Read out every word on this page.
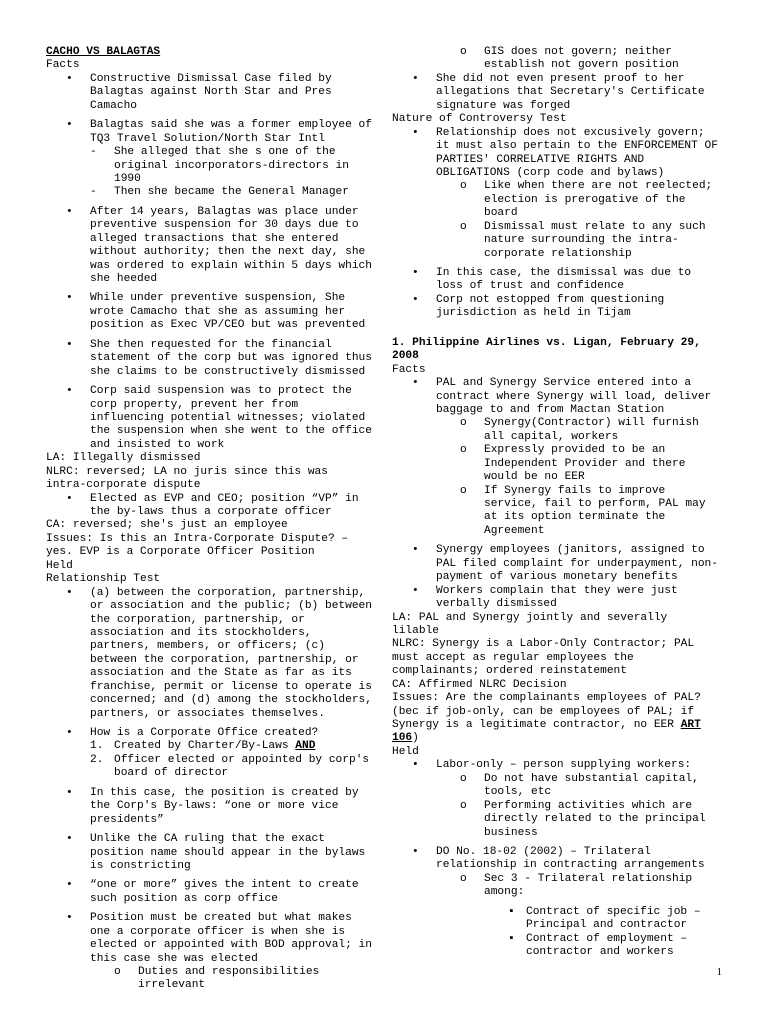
CACHO VS BALAGTAS
Facts
• Constructive Dismissal Case filed by
Balagtas against North Star and Pres
Camacho
• Balagtas said she was a former employee of
TQ3 Travel Solution/North Star Intl
- She alleged that she s one of the
original incorporators-directors in
1990
- Then she became the General Manager
• After 14 years, Balagtas was place under
preventive suspension for 30 days due to
alleged transactions that she entered
without authority; then the next day, she
was ordered to explain within 5 days which
she heeded
• While under preventive suspension, She
wrote Camacho that she as assuming her
position as Exec VP/CEO but was prevented
• She then requested for the financial
statement of the corp but was ignored thus
she claims to be constructively dismissed
• Corp said suspension was to protect the
corp property, prevent her from
influencing potential witnesses; violated
the suspension when she went to the office
and insisted to work
LA: Illegally dismissed
NLRC: reversed; LA no juris since this was
intra-corporate dispute
• Elected as EVP and CEO; position “VP” in
the by-laws thus a corporate officer
CA: reversed; she's just an employee
Issues: Is this an Intra-Corporate Dispute? –
yes. EVP is a Corporate Officer Position
Held
Relationship Test
• (a) between the corporation, partnership,
or association and the public; (b) between
the corporation, partnership, or
association and its stockholders,
partners, members, or officers; (c)
between the corporation, partnership, or
association and the State as far as its
franchise, permit or license to operate is
concerned; and (d) among the stockholders,
partners, or associates themselves.
• How is a Corporate Office created?
1. Created by Charter/By-Laws AND
2. Officer elected or appointed by corp's
board of director
• In this case, the position is created by
the Corp's By-laws: “one or more vice
presidents”
• Unlike the CA ruling that the exact
position name should appear in the bylaws
is constricting
• “one or more” gives the intent to create
such position as corp office
• Position must be created but what makes
one a corporate officer is when she is
elected or appointed with BOD approval; in
this case she was elected
o Duties and responsibilities
irrelevant
o GIS does not govern; neither
establish not govern position
• She did not even present proof to her
allegations that Secretary's Certificate
signature was forged
Nature of Controversy Test
• Relationship does not excusively govern;
it must also pertain to the ENFORCEMENT OF
PARTIES' CORRELATIVE RIGHTS AND
OBLIGATIONS (corp code and bylaws)
o Like when there are not reelected;
election is prerogative of the
board
o Dismissal must relate to any such
nature surrounding the intra-
corporate relationship
• In this case, the dismissal was due to
loss of trust and confidence
• Corp not estopped from questioning
jurisdiction as held in Tijam
1. Philippine Airlines vs. Ligan, February 29,
2008
Facts
• PAL and Synergy Service entered into a
contract where Synergy will load, deliver
baggage to and from Mactan Station
o Synergy(Contractor) will furnish
all capital, workers
o Expressly provided to be an
Independent Provider and there
would be no EER
o If Synergy fails to improve
service, fail to perform, PAL may
at its option terminate the
Agreement
• Synergy employees (janitors, assigned to
PAL filed complaint for underpayment, non-
payment of various monetary benefits
• Workers complain that they were just
verbally dismissed
LA: PAL and Synergy jointly and severally
lilable
NLRC: Synergy is a Labor-Only Contractor; PAL
must accept as regular employees the
complainants; ordered reinstatement
CA: Affirmed NLRC Decision
Issues: Are the complainants employees of PAL?
(bec if job-only, can be employees of PAL; if
Synergy is a legitimate contractor, no EER ART
106)
Held
• Labor-only – person supplying workers:
o Do not have substantial capital,
tools, etc
o Performing activities which are
directly related to the principal
business
• DO No. 18-02 (2002) – Trilateral
relationship in contracting arrangements
o Sec 3 - Trilateral relationship
among:
▪ Contract of specific job –
Principal and contractor
▪ Contract of employment –
contractor and workers
1
